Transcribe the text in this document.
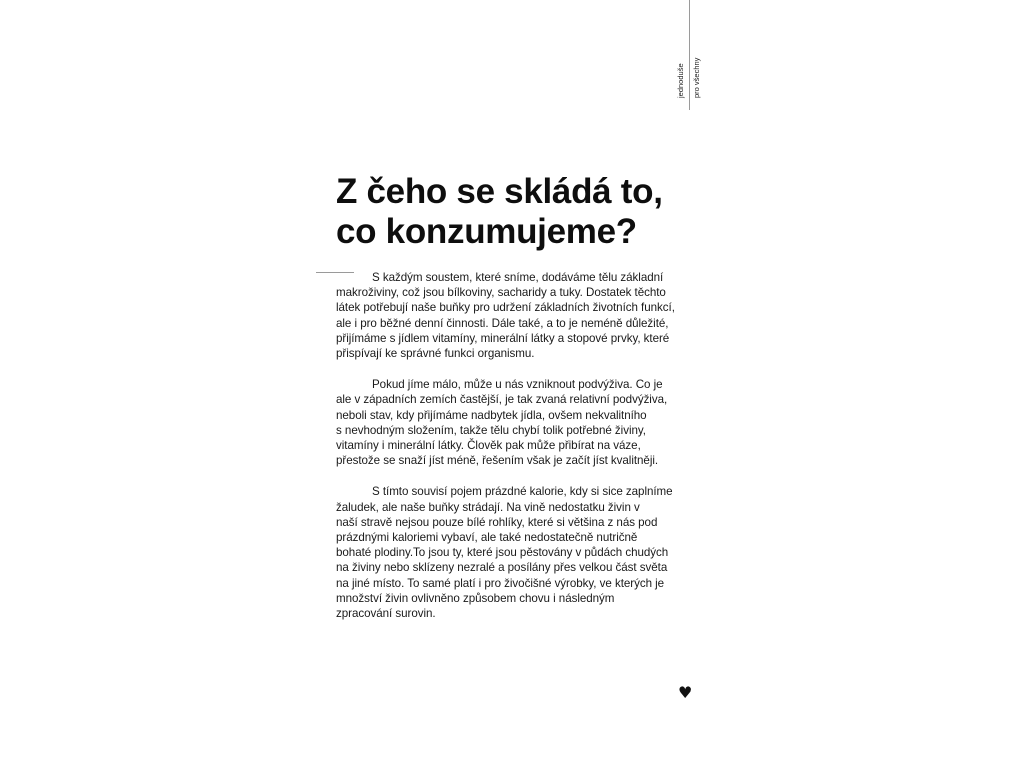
jednoduše pro všechny
Z čeho se skládá to,
co konzumujeme?

S každým soustem, které sníme, dodáváme tělu základní
makroživiny, což jsou bílkoviny, sacharidy a tuky. Dostatek těchto
látek potřebují naše buňky pro udržení základních životních funkcí,
ale i pro běžné denní činnosti. Dále také, a to je neméně důležité,
přijímáme s jídlem vitamíny, minerální látky a stopové prvky, které
přispívají ke správné funkci organismu.

Pokud jíme málo, může u nás vzniknout podvýživa. Co je
ale v západních zemích častější, je tak zvaná relativní podvýživa,
neboli stav, kdy přijímáme nadbytek jídla, ovšem nekvalitního
s nevhodným složením, takže tělu chybí tolik potřebné živiny,
vitamíny i minerální látky. Člověk pak může přibírat na váze,
přestože se snaží jíst méně, řešením však je začít jíst kvalitněji.

S tímto souvisí pojem prázdné kalorie, kdy si sice zaplníme
žaludek, ale naše buňky strádají. Na vině nedostatku živin v
naší stravě nejsou pouze bílé rohlíky, které si většina z nás pod
prázdnými kaloriemi vybaví, ale také nedostatečně nutričně
bohaté plodiny.To jsou ty, které jsou pěstovány v půdách chudých
na živiny nebo sklízeny nezralé a posílány přes velkou část světa
na jiné místo. To samé platí i pro živočišné výrobky, ve kterých je
množství živin ovlivněno způsobem chovu i následným
zpracování surovin.

♥
